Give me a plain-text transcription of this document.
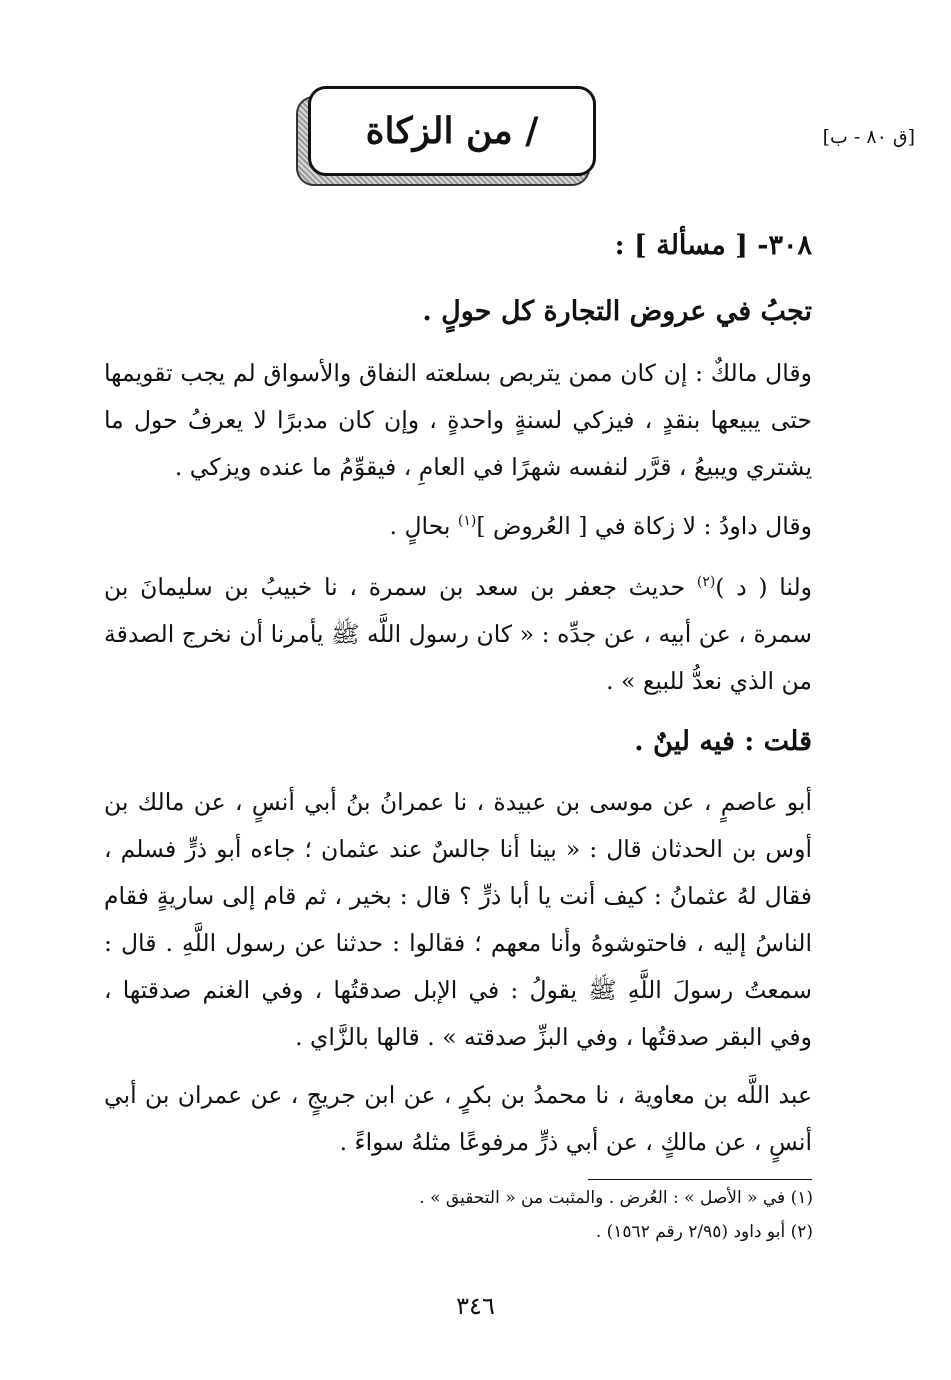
[ق ٨٠ - ب]
/ من الزكاة
٣٠٨- [ مسألة ] :
تجبُ في عروض التجارة كل حولٍ .
وقال مالكٌ : إن كان ممن يتربص بسلعته النفاق والأسواق لم يجب تقويمها حتى يبيعها بنقدٍ ، فيزكي لسنةٍ واحدةٍ ، وإن كان مدبرًا لا يعرفُ حول ما يشتري ويبيعُ ، قرَّر لنفسه شهرًا في العامِ ، فيقوِّمُ ما عنده ويزكي .
وقال داودُ : لا زكاة في [ العُروض ]$^{(١)}$ بحالٍ .
ولنا ( د )$^{(٢)}$ حديث جعفر بن سعد بن سمرة ، نا خبيبُ بن سليمانَ بن سمرة ، عن أبيه ، عن جدِّه : « كان رسول اللَّه ﷺ يأمرنا أن نخرج الصدقة من الذي نعدُّ للبيع » .
قلت : فيه لينٌ .
أبو عاصمٍ ، عن موسى بن عبيدة ، نا عمرانُ بنُ أبي أنسٍ ، عن مالك بن أوس بن الحدثان قال : « بينا أنا جالسٌ عند عثمان ؛ جاءه أبو ذرٍّ فسلم ، فقال لهُ عثمانُ : كيف أنت يا أبا ذرٍّ ؟ قال : بخير ، ثم قام إلى ساريةٍ فقام الناسُ إليه ، فاحتوشوهُ وأنا معهم ؛ فقالوا : حدثنا عن رسول اللَّهِ . قال : سمعتُ رسولَ اللَّهِ ﷺ يقولُ : في الإبل صدقتُها ، وفي الغنم صدقتها ، وفي البقر صدقتُها ، وفي البزِّ صدقته » . قالها بالزَّاي .
عبد اللَّه بن معاوية ، نا محمدُ بن بكرٍ ، عن ابن جريجٍ ، عن عمران بن أبي أنسٍ ، عن مالكٍ ، عن أبي ذرٍّ مرفوعًا مثلهُ سواءً .
(١) في « الأصل » : العُرض . والمثبت من « التحقيق » .
(٢) أبو داود (٢/٩٥ رقم ١٥٦٢) .
٣٤٦
